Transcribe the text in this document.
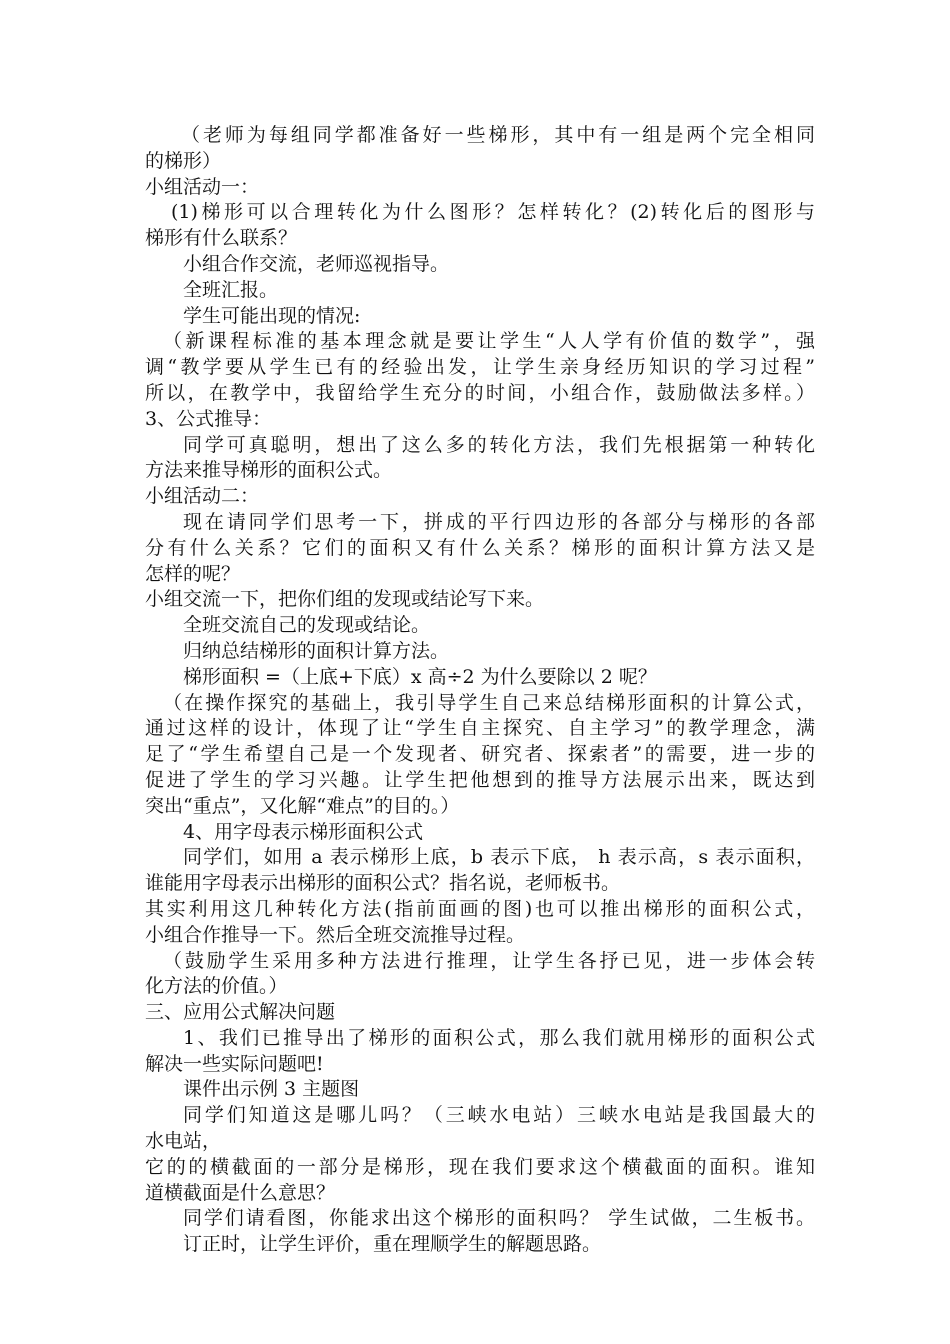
（老师为每组同学都准备好一些梯形，其中有一组是两个完全相同
的梯形）
小组活动一：
(1)梯形可以合理转化为什么图形？怎样转化？(2)转化后的图形与
梯形有什么联系？
小组合作交流，老师巡视指导。
全班汇报。
学生可能出现的情况:
（新课程标准的基本理念就是要让学生“人人学有价值的数学”，强
调“教学要从学生已有的经验出发，让学生亲身经历知识的学习过程”
所以，在教学中，我留给学生充分的时间，小组合作，鼓励做法多样。）
3、公式推导：
同学可真聪明，想出了这么多的转化方法，我们先根据第一种转化
方法来推导梯形的面积公式。
小组活动二：
现在请同学们思考一下，拼成的平行四边形的各部分与梯形的各部
分有什么关系？它们的面积又有什么关系？梯形的面积计算方法又是
怎样的呢？
小组交流一下，把你们组的发现或结论写下来。
全班交流自己的发现或结论。
归纳总结梯形的面积计算方法。
梯形面积 =（上底+下底）x 高÷2 为什么要除以 2 呢？
（在操作探究的基础上，我引导学生自己来总结梯形面积的计算公式，
通过这样的设计，体现了让“学生自主探究、自主学习”的教学理念，满
足了“学生希望自己是一个发现者、研究者、探索者”的需要，进一步的
促进了学生的学习兴趣。让学生把他想到的推导方法展示出来，既达到
突出“重点”，又化解“难点”的目的。）
4、用字母表示梯形面积公式
同学们，如用 a 表示梯形上底，b 表示下底， h 表示高，s 表示面积，
谁能用字母表示出梯形的面积公式？指名说，老师板书。
其实利用这几种转化方法(指前面画的图)也可以推出梯形的面积公式，
小组合作推导一下。然后全班交流推导过程。
（鼓励学生采用多种方法进行推理，让学生各抒已见，进一步体会转
化方法的价值。）
三、应用公式解决问题
1、我们已推导出了梯形的面积公式，那么我们就用梯形的面积公式
解决一些实际问题吧!
课件出示例 3 主题图
同学们知道这是哪儿吗？（三峡水电站）三峡水电站是我国最大的
水电站，
它的的横截面的一部分是梯形，现在我们要求这个横截面的面积。谁知
道横截面是什么意思？
同学们请看图，你能求出这个梯形的面积吗？ 学生试做，二生板书。
订正时，让学生评价，重在理顺学生的解题思路。
